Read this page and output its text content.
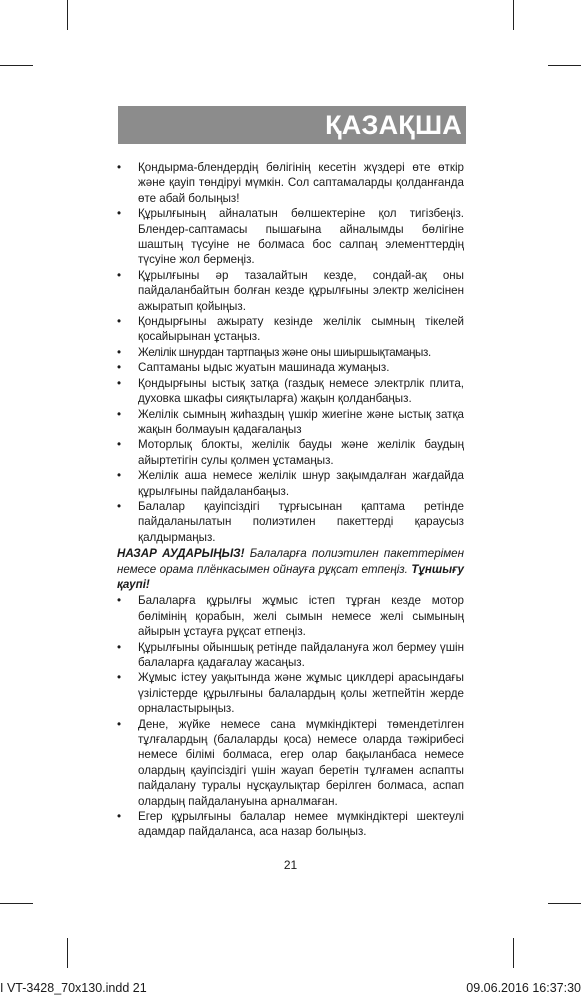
ҚАЗАҚША
• Қондырма-блендердің бөлігінің кесетін жүздері өте өткір және қауіп төндіруі мүмкін. Сол саптамаларды қолданғанда өте абай болыңыз!
• Құрылғының айналатын бөлшектеріне қол тигізбеңіз. Блендер-саптамасы пышағына айналымды бөлігіне шаштың түсуіне не болмаса бос салпаң элементтердің түсуіне жол бермеңіз.
• Құрылғыны әр тазалайтын кезде, сондай-ақ оны пайдаланбайтын болған кезде құрылғыны электр желісінен ажыратып қойыңыз.
• Қондырғыны ажырату кезінде желілік сымның тікелей қосайырынан ұстаңыз.
• Желілік шнурдан тартпаңыз және оны шиыршықтамаңыз.
• Саптаманы ыдыс жуатын машинада жумаңыз.
• Қондырғыны ыстық затқа (газдық немесе электрлік плита, духовка шкафы сияқтыларға) жақын қолданбаңыз.
• Желілік сымның жиһаздың үшкір жиегіне және ыстық затқа жақын болмауын қадағалаңыз
• Моторлық блокты, желілік бауды және желілік баудың айыртетігін сулы қолмен ұстамаңыз.
• Желілік аша немесе желілік шнур зақымдалған жағдайда құрылғыны пайдаланбаңыз.
• Балалар қауіпсіздігі тұрғысынан қаптама ретінде пайдаланылатын полиэтилен пакеттерді қараусыз қалдырмаңыз.
НАЗАР АУДАРЫҢЫЗ! Балаларға полиэтилен пакеттерімен немесе орама плёнкасымен ойнауға рұқсат етпеңіз. Тұншығу қаупі!
• Балаларға құрылғы жұмыс істеп тұрған кезде мотор бөлімінің қорабын, желі сымын немесе желі сымының айырын ұстауға рұқсат етпеңіз.
• Құрылғыны ойыншық ретінде пайдалануға жол бермеу үшін балаларға қадағалау жасаңыз.
• Жұмыс істеу уақытында және жұмыс циклдері арасындағы үзілістерде құрылғыны балалардың қолы жетпейтін жерде орналастырыңыз.
• Дене, жүйке немесе сана мүмкіндіктері төмендетілген тұлғалардың (балаларды қоса) немесе оларда тәжірибесі немесе білімі болмаса, егер олар бақыланбаса немесе олардың қауіпсіздігі үшін жауап беретін тұлғамен аспапты пайдалану туралы нұсқаулықтар берілген болмаса, аспап олардың пайдалануына арналмаған.
• Егер құрылғыны балалар немее мүмкіндіктері шектеулі адамдар пайдаланса, аса назар болыңыз.
21
I VT-3428_70x130.indd 21	09.06.2016 16:37:30
